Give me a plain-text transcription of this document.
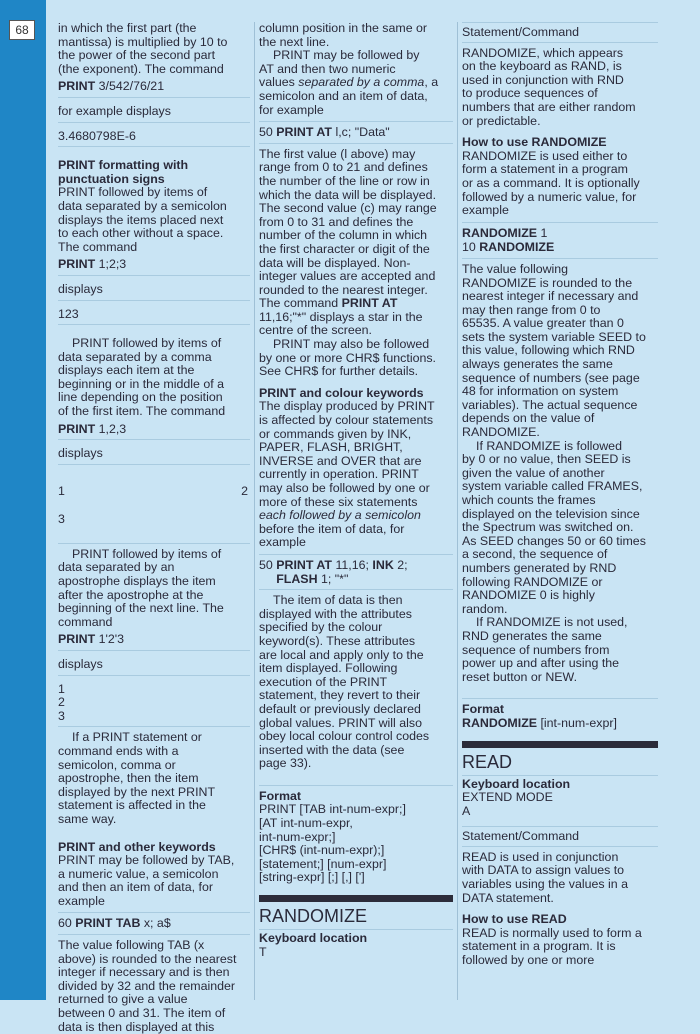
68	in which the first part (the
mantissa) is multiplied by 10 to
the power of the second part
(the exponent). The command

PRINT 3/542/76/21
for example displays
3.4680798E-6

PRINT formatting with
punctuation signs

PRINT followed by items of
data separated by a semicolon
displays the items placed next
to each other without a space.
The command

PRINT 1;2;3
displays
123

PRINT followed by items of
data separated by a comma
displays each item at the
beginning or in the middle of a
line depending on the position
of the first item. The command

PRINT 1,2,3
displays

1	2

3

PRINT followed by items of
data separated by an
apostrophe displays the item
after the apostrophe at the
beginning of the next line. The
command

PRINT 1'2'3
displays
1
2
3

If a PRINT statement or
command ends with a
semicolon, comma or
apostrophe, then the item
displayed by the next PRINT
statement is affected in the
same way.

PRINT and other keywords

PRINT may be followed by TAB,
a numeric value, a semicolon
and then an item of data, for
example

60 PRINT TAB x; a$

The value following TAB (x
above) is rounded to the nearest
integer if necessary and is then
divided by 32 and the remainder
returned to give a value
between 0 and 31. The item of
data is then displayed at this

column position in the same or
the next line.

PRINT may be followed by
AT and then two numeric
values separated by a comma, a
semicolon and an item of data,
for example

50 PRINT AT l,c; "Data"

The first value (l above) may
range from 0 to 21 and defines
the number of the line or row in
which the data will be displayed.
The second value (c) may range
from 0 to 31 and defines the
number of the column in which
the first character or digit of the
data will be displayed. Non-
integer values are accepted and
rounded to the nearest integer.
The command PRINT AT
11,16;"*" displays a star in the
centre of the screen.

PRINT may also be followed
by one or more CHR$ functions.
See CHR$ for further details.

PRINT and colour keywords

The display produced by PRINT
is affected by colour statements
or commands given by INK,
PAPER, FLASH, BRIGHT,
INVERSE and OVER that are
currently in operation. PRINT
may also be followed by one or
more of these six statements
each followed by a semicolon
before the item of data, for
example

50 PRINT AT 11,16; INK 2;
FLASH 1; "*"

The item of data is then
displayed with the attributes
specified by the colour
keyword(s). These attributes
are local and apply only to the
item displayed. Following
execution of the PRINT
statement, they revert to their
default or previously declared
global values. PRINT will also
obey local colour control codes
inserted with the data (see
page 33).

Format

PRINT [TAB int-num-expr;]
[AT int-num-expr,
int-num-expr;]
[CHR$ (int-num-expr);]
[statement;] [num-expr]
[string-expr] [;] [,] [']

RANDOMIZE

Keyboard location

T

Statement/Command

RANDOMIZE, which appears
on the keyboard as RAND, is
used in conjunction with RND
to produce sequences of
numbers that are either random
or predictable.

How to use RANDOMIZE

RANDOMIZE is used either to
form a statement in a program
or as a command. It is optionally
followed by a numeric value, for
example

RANDOMIZE 1
10 RANDOMIZE

The value following
RANDOMIZE is rounded to the
nearest integer if necessary and
may then range from 0 to
65535. A value greater than 0
sets the system variable SEED to
this value, following which RND
always generates the same
sequence of numbers (see page
48 for information on system
variables). The actual sequence
depends on the value of
RANDOMIZE.

If RANDOMIZE is followed
by 0 or no value, then SEED is
given the value of another
system variable called FRAMES,
which counts the frames
displayed on the television since
the Spectrum was switched on.
As SEED changes 50 or 60 times
a second, the sequence of
numbers generated by RND
following RANDOMIZE or
RANDOMIZE 0 is highly
random.

If RANDOMIZE is not used,
RND generates the same
sequence of numbers from
power up and after using the
reset button or NEW.

Format

RANDOMIZE [int-num-expr]

READ

Keyboard location

EXTEND MODE
A

Statement/Command

READ is used in conjunction
with DATA to assign values to
variables using the values in a
DATA statement.

How to use READ

READ is normally used to form a
statement in a program. It is
followed by one or more
